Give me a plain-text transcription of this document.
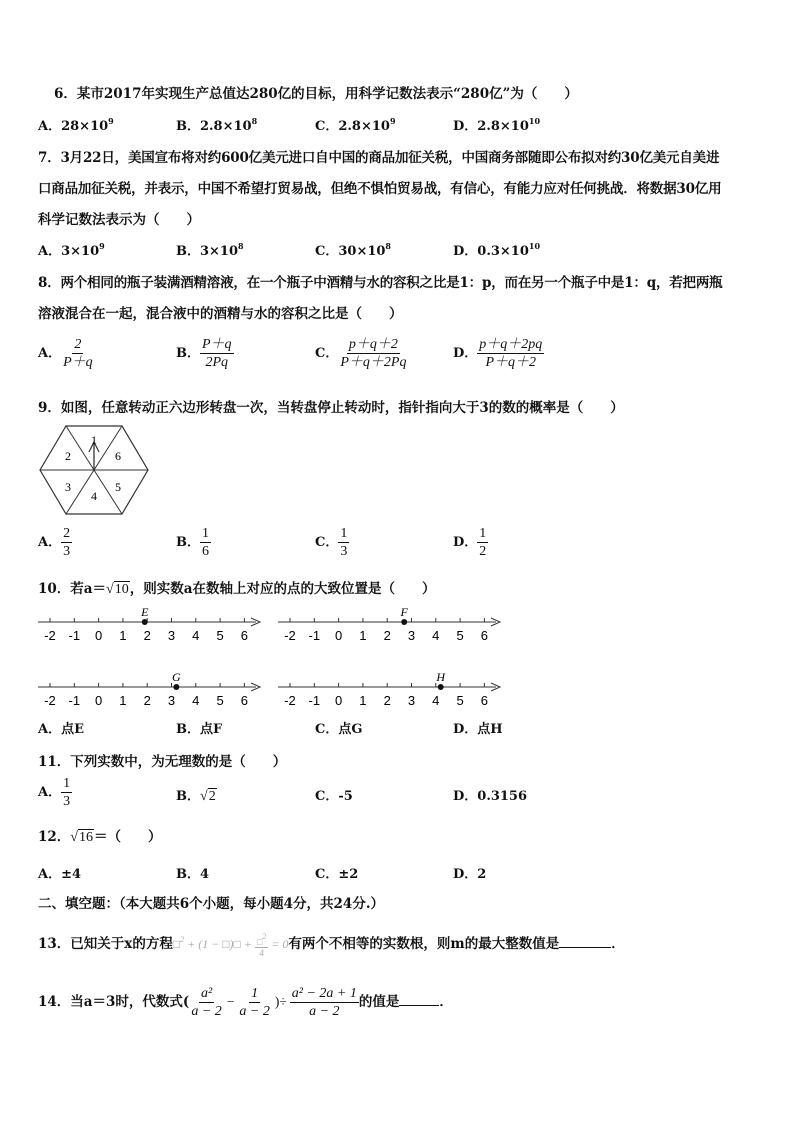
6．某市2017年实现生产总值达280亿的目标，用科学记数法表示“280亿”为（　　）
A．$28\times 10^9$	B．$2.8\times 10^8$	C．$2.8\times 10^9$	D．$2.8\times 10^{10}$
7．3月22日，美国宣布将对约600亿美元进口自中国的商品加征关税，中国商务部随即公布拟对约30亿美元自美进
口商品加征关税，并表示，中国不希望打贸易战，但绝不惧怕贸易战，有信心，有能力应对任何挑战．将数据30亿用
科学记数法表示为（　　）
A．$3\times 10^9$	B．$3\times 10^8$	C．$30\times 10^8$	D．$0.3\times 10^{10}$
8．两个相同的瓶子装满酒精溶液，在一个瓶子中酒精与水的容积之比是1：p，而在另一个瓶子中是1：q，若把两瓶
溶液混合在一起，混合液中的酒精与水的容积之比是（　　）
A． $\frac{2}{P+q}$	B． $\frac{P+q}{2Pq}$	C． $\frac{p+q+2}{P+q+2Pq}$	D． $\frac{p+q+2pq}{P+q+2}$
9．如图，任意转动正六边形转盘一次，当转盘停止转动时，指针指向大于3的数的概率是（　　）
1
6
5
4
3
2
A． $\frac{2}{3}$	B． $\frac{1}{6}$	C． $\frac{1}{3}$	D． $\frac{1}{2}$
10．若a＝√10，则实数a在数轴上对应的点的大致位置是（　　）
-2 -1 0 1 2 3 4 5 6
E
-2 -1 0 1 2 3 4 5 6
F
-2 -1 0 1 2 3 4 5 6
G
-2 -1 0 1 2 3 4 5 6
H
A．点E	B．点F	C．点G	D．点H
11．下列实数中，为无理数的是（　　）
A． $\frac{1}{3}$	B．√2	C．-5	D．0.3156
12．√16＝（　　）
A．±4	B．4	C．±2	D．2
二、填空题：（本大题共6个小题，每小题4分，共24分.）
13．已知关于x的方程□$^2$ + (1 − □)□ + $\frac{□^2}{4} = 0$有两个不相等的实数根，则m的最大整数值是	．
14．当a＝3时，代数式( $\frac{\text{a²}}{a - 2} - \frac{1}{a - 2}$ )÷ $\frac{\text{a² − 2a + 1}}{a - 2}$ 的值是	．
